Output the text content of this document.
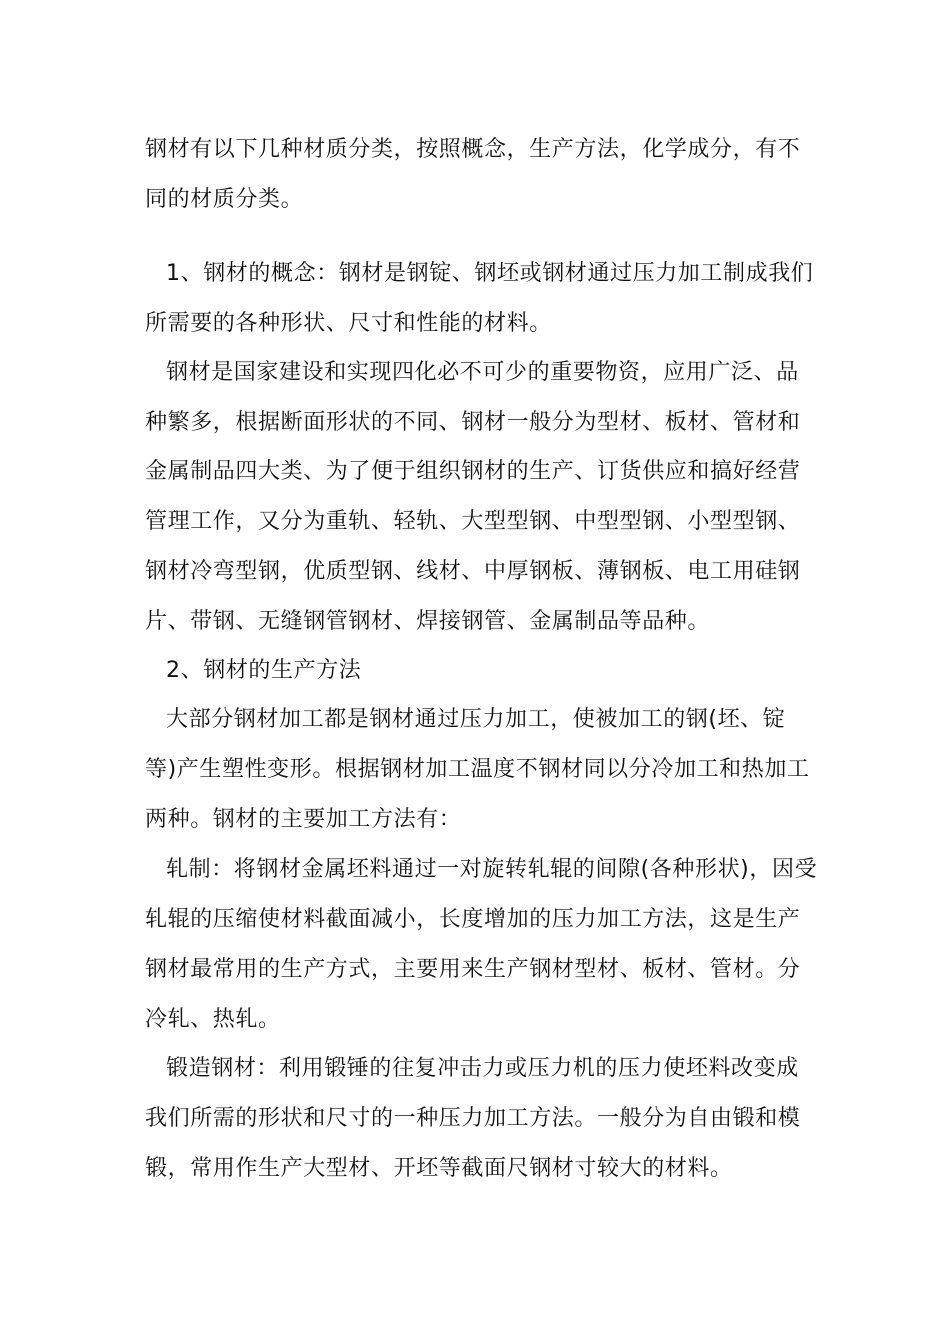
钢材有以下几种材质分类，按照概念，生产方法，化学成分，有不
同的材质分类。
1、钢材的概念：钢材是钢锭、钢坯或钢材通过压力加工制成我们
所需要的各种形状、尺寸和性能的材料。
钢材是国家建设和实现四化必不可少的重要物资，应用广泛、品
种繁多，根据断面形状的不同、钢材一般分为型材、板材、管材和
金属制品四大类、为了便于组织钢材的生产、订货供应和搞好经营
管理工作，又分为重轨、轻轨、大型型钢、中型型钢、小型型钢、
钢材冷弯型钢，优质型钢、线材、中厚钢板、薄钢板、电工用硅钢
片、带钢、无缝钢管钢材、焊接钢管、金属制品等品种。
2、钢材的生产方法
大部分钢材加工都是钢材通过压力加工，使被加工的钢(坯、锭
等)产生塑性变形。根据钢材加工温度不钢材同以分冷加工和热加工
两种。钢材的主要加工方法有：
轧制：将钢材金属坯料通过一对旋转轧辊的间隙(各种形状)，因受
轧辊的压缩使材料截面减小，长度增加的压力加工方法，这是生产
钢材最常用的生产方式，主要用来生产钢材型材、板材、管材。分
冷轧、热轧。
锻造钢材：利用锻锤的往复冲击力或压力机的压力使坯料改变成
我们所需的形状和尺寸的一种压力加工方法。一般分为自由锻和模
锻，常用作生产大型材、开坯等截面尺钢材寸较大的材料。
